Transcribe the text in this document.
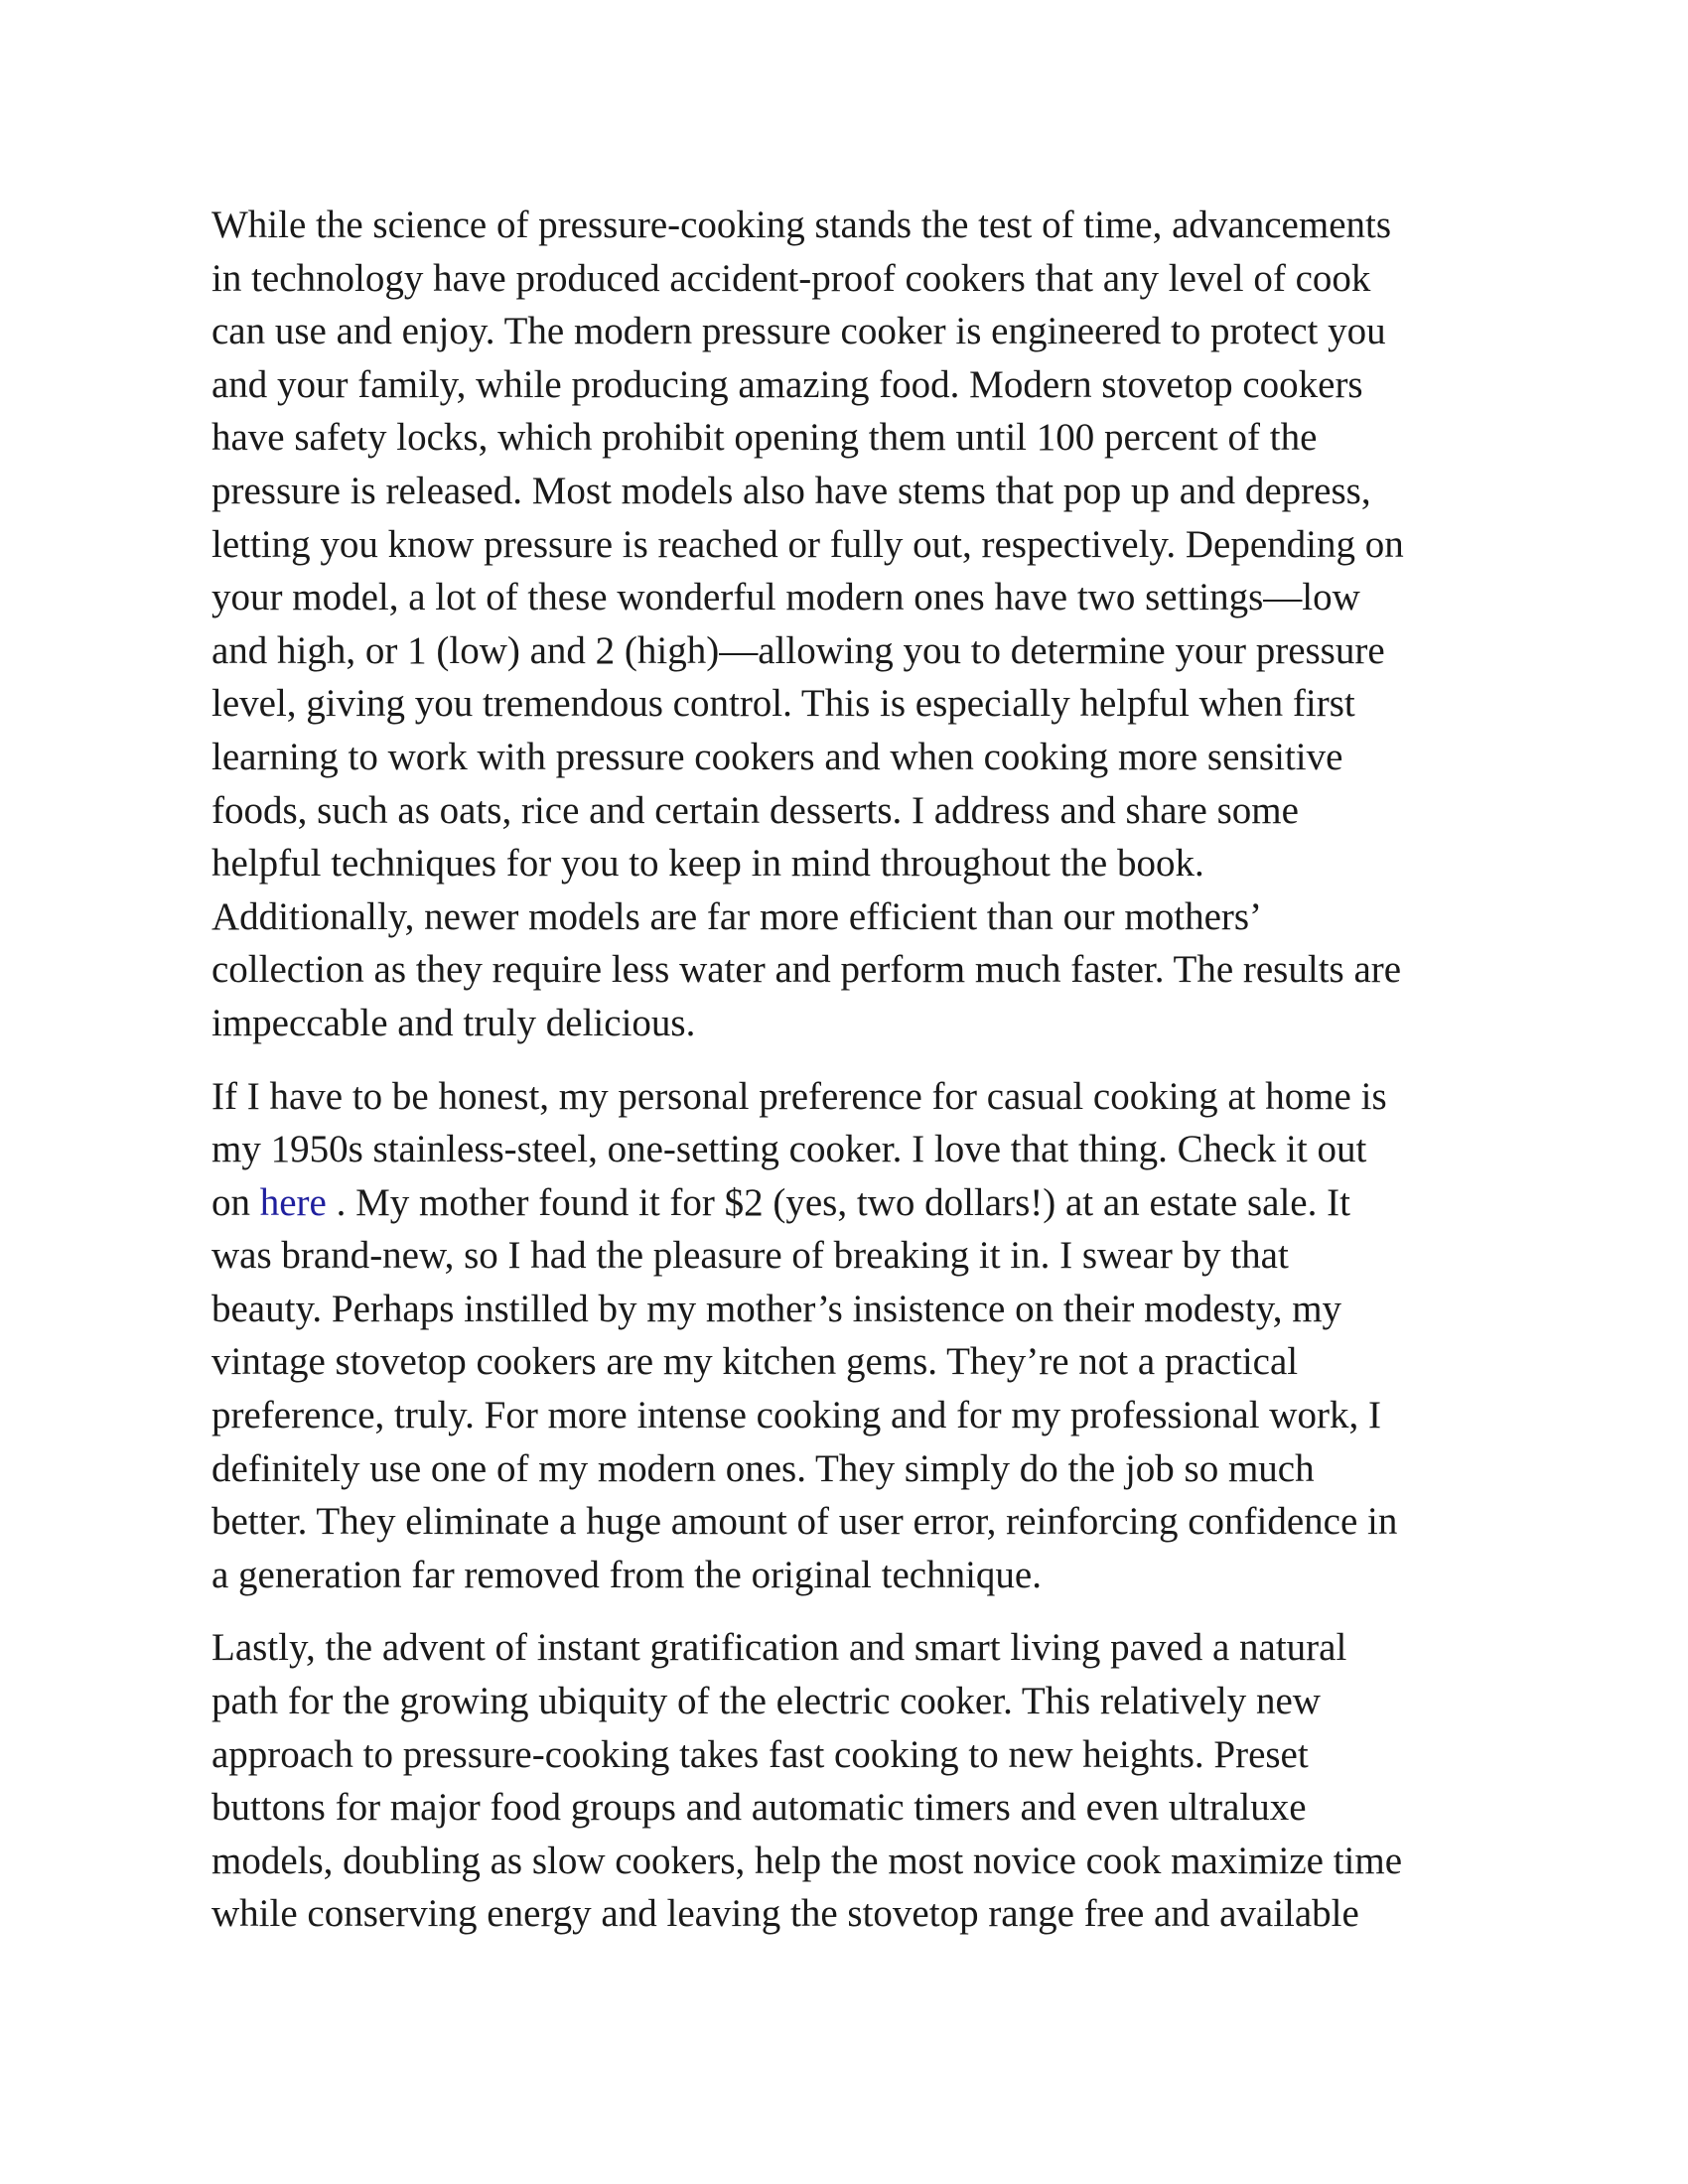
While the science of pressure-cooking stands the test of time, advancements
in technology have produced accident-proof cookers that any level of cook
can use and enjoy. The modern pressure cooker is engineered to protect you
and your family, while producing amazing food. Modern stovetop cookers
have safety locks, which prohibit opening them until 100 percent of the
pressure is released. Most models also have stems that pop up and depress,
letting you know pressure is reached or fully out, respectively. Depending on
your model, a lot of these wonderful modern ones have two settings—low
and high, or 1 (low) and 2 (high)—allowing you to determine your pressure
level, giving you tremendous control. This is especially helpful when first
learning to work with pressure cookers and when cooking more sensitive
foods, such as oats, rice and certain desserts. I address and share some
helpful techniques for you to keep in mind throughout the book.
Additionally, newer models are far more efficient than our mothers’
collection as they require less water and perform much faster. The results are
impeccable and truly delicious.

If I have to be honest, my personal preference for casual cooking at home is
my 1950s stainless-steel, one-setting cooker. I love that thing. Check it out
on here . My mother found it for $2 (yes, two dollars!) at an estate sale. It
was brand-new, so I had the pleasure of breaking it in. I swear by that
beauty. Perhaps instilled by my mother’s insistence on their modesty, my
vintage stovetop cookers are my kitchen gems. They’re not a practical
preference, truly. For more intense cooking and for my professional work, I
definitely use one of my modern ones. They simply do the job so much
better. They eliminate a huge amount of user error, reinforcing confidence in
a generation far removed from the original technique.

Lastly, the advent of instant gratification and smart living paved a natural
path for the growing ubiquity of the electric cooker. This relatively new
approach to pressure-cooking takes fast cooking to new heights. Preset
buttons for major food groups and automatic timers and even ultraluxe
models, doubling as slow cookers, help the most novice cook maximize time
while conserving energy and leaving the stovetop range free and available
